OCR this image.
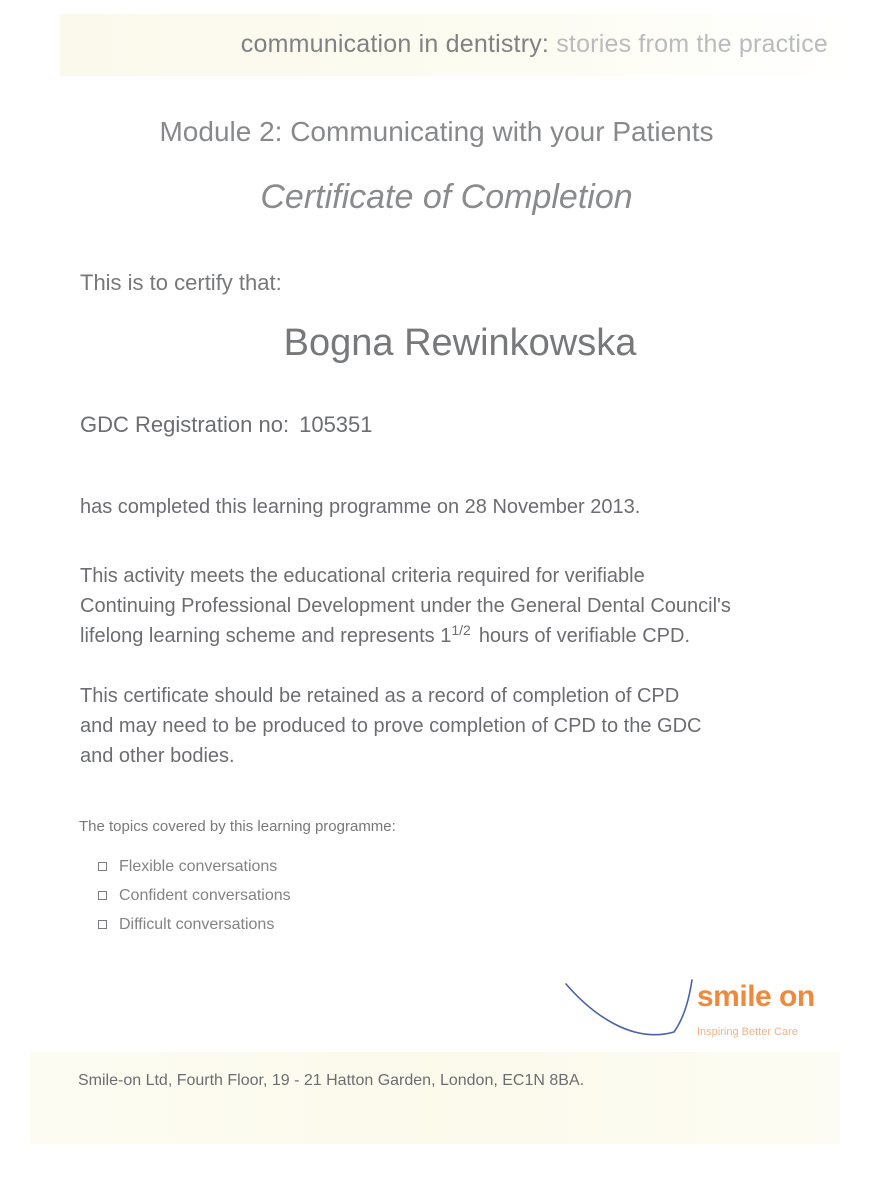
communication in dentistry: stories from the practice
Module 2: Communicating with your Patients
Certificate of Completion
This is to certify that:
Bogna Rewinkowska
GDC Registration no: 105351
has completed this learning programme on 28 November 2013.
This activity meets the educational criteria required for verifiable
Continuing Professional Development under the General Dental Council's
lifelong learning scheme and represents $1^{1/2}$ hours of verifiable CPD.
This certificate should be retained as a record of completion of CPD
and may need to be produced to prove completion of CPD to the GDC
and other bodies.
The topics covered by this learning programme:
Flexible conversations
Confident conversations
Difficult conversations
smile on
Inspiring Better Care
Smile-on Ltd, Fourth Floor, 19 - 21 Hatton Garden, London, EC1N 8BA.
